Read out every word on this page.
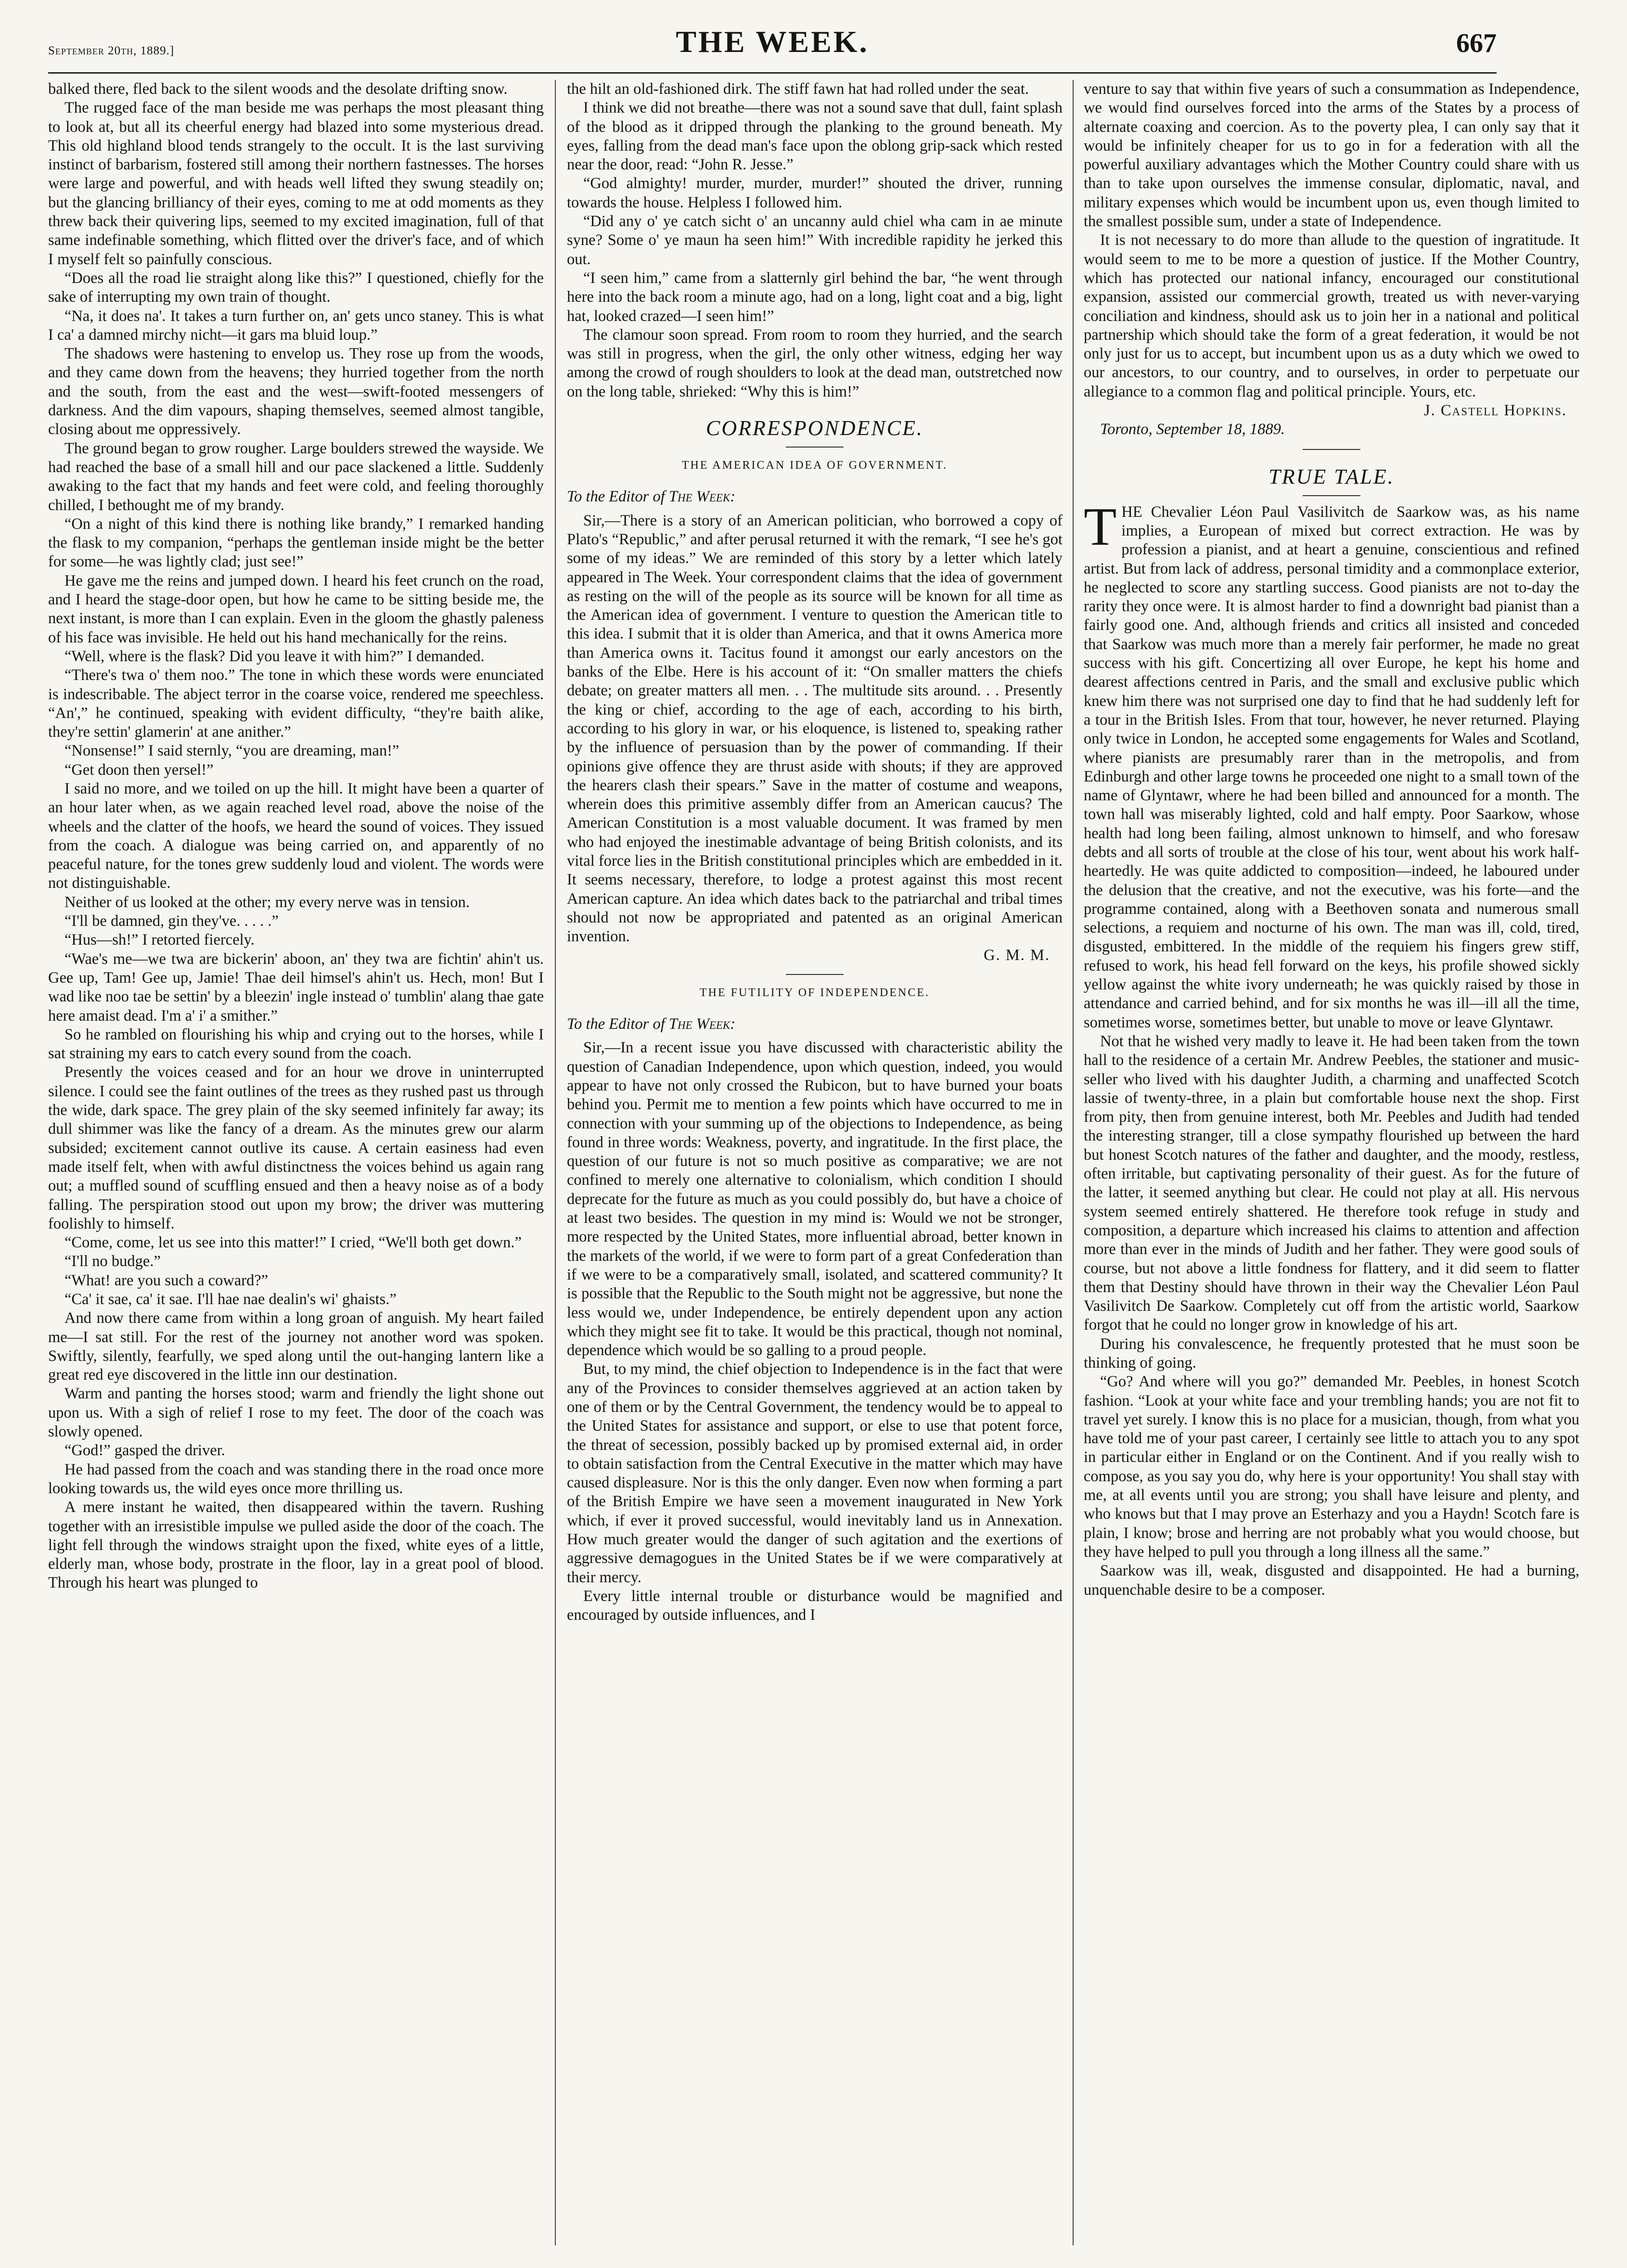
September 20th, 1889.]	THE WEEK.	667

balked there, fled back to the silent woods and the desolate drifting snow.

The rugged face of the man beside me was perhaps the most pleasant thing to look at, but all its cheerful energy had blazed into some mysterious dread. This old highland blood tends strangely to the occult. It is the last surviving instinct of barbarism, fostered still among their northern fastnesses. The horses were large and powerful, and with heads well lifted they swung steadily on; but the glancing brilliancy of their eyes, coming to me at odd moments as they threw back their quivering lips, seemed to my excited imagination, full of that same indefinable something, which flitted over the driver's face, and of which I myself felt so painfully conscious.

“Does all the road lie straight along like this?” I questioned, chiefly for the sake of interrupting my own train of thought.

“Na, it does na'. It takes a turn further on, an' gets unco staney. This is what I ca' a damned mirchy nicht—it gars ma bluid loup.”

The shadows were hastening to envelop us. They rose up from the woods, and they came down from the heavens; they hurried together from the north and the south, from the east and the west—swift-footed messengers of darkness. And the dim vapours, shaping themselves, seemed almost tangible, closing about me oppressively.

The ground began to grow rougher. Large boulders strewed the wayside. We had reached the base of a small hill and our pace slackened a little. Suddenly awaking to the fact that my hands and feet were cold, and feeling thoroughly chilled, I bethought me of my brandy.

“On a night of this kind there is nothing like brandy,” I remarked handing the flask to my companion, “perhaps the gentleman inside might be the better for some—he was lightly clad; just see!”

He gave me the reins and jumped down. I heard his feet crunch on the road, and I heard the stage-door open, but how he came to be sitting beside me, the next instant, is more than I can explain. Even in the gloom the ghastly paleness of his face was invisible. He held out his hand mechanically for the reins.

“Well, where is the flask? Did you leave it with him?” I demanded.

“There's twa o' them noo.” The tone in which these words were enunciated is indescribable. The abject terror in the coarse voice, rendered me speechless. “An',” he continued, speaking with evident difficulty, “they're baith alike, they're settin' glamerin' at ane anither.”

“Nonsense!” I said sternly, “you are dreaming, man!”

“Get doon then yersel!”

I said no more, and we toiled on up the hill. It might have been a quarter of an hour later when, as we again reached level road, above the noise of the wheels and the clatter of the hoofs, we heard the sound of voices. They issued from the coach. A dialogue was being carried on, and apparently of no peaceful nature, for the tones grew suddenly loud and violent. The words were not distinguishable.

Neither of us looked at the other; my every nerve was in tension.

“I'll be damned, gin they've. . . . .”

“Hus—sh!” I retorted fiercely.

“Wae's me—we twa are bickerin' aboon, an' they twa are fichtin' ahin't us. Gee up, Tam! Gee up, Jamie! Thae deil himsel's ahin't us. Hech, mon! But I wad like noo tae be settin' by a bleezin' ingle instead o' tumblin' alang thae gate here amaist dead. I'm a' i' a smither.”

So he rambled on flourishing his whip and crying out to the horses, while I sat straining my ears to catch every sound from the coach.

Presently the voices ceased and for an hour we drove in uninterrupted silence. I could see the faint outlines of the trees as they rushed past us through the wide, dark space. The grey plain of the sky seemed infinitely far away; its dull shimmer was like the fancy of a dream. As the minutes grew our alarm subsided; excitement cannot outlive its cause. A certain easiness had even made itself felt, when with awful distinctness the voices behind us again rang out; a muffled sound of scuffling ensued and then a heavy noise as of a body falling. The perspiration stood out upon my brow; the driver was muttering foolishly to himself.

“Come, come, let us see into this matter!” I cried, “We'll both get down.”

“I'll no budge.”

“What! are you such a coward?”

“Ca' it sae, ca' it sae. I'll hae nae dealin's wi' ghaists.”

And now there came from within a long groan of anguish. My heart failed me—I sat still. For the rest of the journey not another word was spoken. Swiftly, silently, fearfully, we sped along until the out-hanging lantern like a great red eye discovered in the little inn our destination.

Warm and panting the horses stood; warm and friendly the light shone out upon us. With a sigh of relief I rose to my feet. The door of the coach was slowly opened.

“God!” gasped the driver.

He had passed from the coach and was standing there in the road once more looking towards us, the wild eyes once more thrilling us.

A mere instant he waited, then disappeared within the tavern. Rushing together with an irresistible impulse we pulled aside the door of the coach. The light fell through the windows straight upon the fixed, white eyes of a little, elderly man, whose body, prostrate in the floor, lay in a great pool of blood. Through his heart was plunged to

the hilt an old-fashioned dirk. The stiff fawn hat had rolled under the seat.

I think we did not breathe—there was not a sound save that dull, faint splash of the blood as it dripped through the planking to the ground beneath. My eyes, falling from the dead man's face upon the oblong grip-sack which rested near the door, read: “John R. Jesse.”

“God almighty! murder, murder, murder!” shouted the driver, running towards the house. Helpless I followed him.

“Did any o' ye catch sicht o' an uncanny auld chiel wha cam in ae minute syne? Some o' ye maun ha seen him!” With incredible rapidity he jerked this out.

“I seen him,” came from a slatternly girl behind the bar, “he went through here into the back room a minute ago, had on a long, light coat and a big, light hat, looked crazed—I seen him!”

The clamour soon spread. From room to room they hurried, and the search was still in progress, when the girl, the only other witness, edging her way among the crowd of rough shoulders to look at the dead man, outstretched now on the long table, shrieked: “Why this is him!”

CORRESPONDENCE.
THE AMERICAN IDEA OF GOVERNMENT.

To the Editor of The Week:

Sir,—There is a story of an American politician, who borrowed a copy of Plato's “Republic,” and after perusal returned it with the remark, “I see he's got some of my ideas.” We are reminded of this story by a letter which lately appeared in The Week. Your correspondent claims that the idea of government as resting on the will of the people as its source will be known for all time as the American idea of government. I venture to question the American title to this idea. I submit that it is older than America, and that it owns America more than America owns it. Tacitus found it amongst our early ancestors on the banks of the Elbe. Here is his account of it: “On smaller matters the chiefs debate; on greater matters all men. . . The multitude sits around. . . Presently the king or chief, according to the age of each, according to his birth, according to his glory in war, or his eloquence, is listened to, speaking rather by the influence of persuasion than by the power of commanding. If their opinions give offence they are thrust aside with shouts; if they are approved the hearers clash their spears.” Save in the matter of costume and weapons, wherein does this primitive assembly differ from an American caucus? The American Constitution is a most valuable document. It was framed by men who had enjoyed the inestimable advantage of being British colonists, and its vital force lies in the British constitutional principles which are embedded in it. It seems necessary, therefore, to lodge a protest against this most recent American capture. An idea which dates back to the patriarchal and tribal times should not now be appropriated and patented as an original American invention.

G. M. M.

THE FUTILITY OF INDEPENDENCE.

To the Editor of The Week:

Sir,—In a recent issue you have discussed with characteristic ability the question of Canadian Independence, upon which question, indeed, you would appear to have not only crossed the Rubicon, but to have burned your boats behind you. Permit me to mention a few points which have occurred to me in connection with your summing up of the objections to Independence, as being found in three words: Weakness, poverty, and ingratitude. In the first place, the question of our future is not so much positive as comparative; we are not confined to merely one alternative to colonialism, which condition I should deprecate for the future as much as you could possibly do, but have a choice of at least two besides. The question in my mind is: Would we not be stronger, more respected by the United States, more influential abroad, better known in the markets of the world, if we were to form part of a great Confederation than if we were to be a comparatively small, isolated, and scattered community? It is possible that the Republic to the South might not be aggressive, but none the less would we, under Independence, be entirely dependent upon any action which they might see fit to take. It would be this practical, though not nominal, dependence which would be so galling to a proud people.

But, to my mind, the chief objection to Independence is in the fact that were any of the Provinces to consider themselves aggrieved at an action taken by one of them or by the Central Government, the tendency would be to appeal to the United States for assistance and support, or else to use that potent force, the threat of secession, possibly backed up by promised external aid, in order to obtain satisfaction from the Central Executive in the matter which may have caused displeasure. Nor is this the only danger. Even now when forming a part of the British Empire we have seen a movement inaugurated in New York which, if ever it proved successful, would inevitably land us in Annexation. How much greater would the danger of such agitation and the exertions of aggressive demagogues in the United States be if we were comparatively at their mercy.

Every little internal trouble or disturbance would be magnified and encouraged by outside influences, and I

venture to say that within five years of such a consummation as Independence, we would find ourselves forced into the arms of the States by a process of alternate coaxing and coercion. As to the poverty plea, I can only say that it would be infinitely cheaper for us to go in for a federation with all the powerful auxiliary advantages which the Mother Country could share with us than to take upon ourselves the immense consular, diplomatic, naval, and military expenses which would be incumbent upon us, even though limited to the smallest possible sum, under a state of Independence.

It is not necessary to do more than allude to the question of ingratitude. It would seem to me to be more a question of justice. If the Mother Country, which has protected our national infancy, encouraged our constitutional expansion, assisted our commercial growth, treated us with never-varying conciliation and kindness, should ask us to join her in a national and political partnership which should take the form of a great federation, it would be not only just for us to accept, but incumbent upon us as a duty which we owed to our ancestors, to our country, and to ourselves, in order to perpetuate our allegiance to a common flag and political principle. Yours, etc.

J. Castell Hopkins.

Toronto, September 18, 1889.

TRUE TALE.

THE Chevalier Léon Paul Vasilivitch de Saarkow was, as his name implies, a European of mixed but correct extraction. He was by profession a pianist, and at heart a genuine, conscientious and refined artist. But from lack of address, personal timidity and a commonplace exterior, he neglected to score any startling success. Good pianists are not to-day the rarity they once were. It is almost harder to find a downright bad pianist than a fairly good one. And, although friends and critics all insisted and conceded that Saarkow was much more than a merely fair performer, he made no great success with his gift. Concertizing all over Europe, he kept his home and dearest affections centred in Paris, and the small and exclusive public which knew him there was not surprised one day to find that he had suddenly left for a tour in the British Isles. From that tour, however, he never returned. Playing only twice in London, he accepted some engagements for Wales and Scotland, where pianists are presumably rarer than in the metropolis, and from Edinburgh and other large towns he proceeded one night to a small town of the name of Glyntawr, where he had been billed and announced for a month. The town hall was miserably lighted, cold and half empty. Poor Saarkow, whose health had long been failing, almost unknown to himself, and who foresaw debts and all sorts of trouble at the close of his tour, went about his work half-heartedly. He was quite addicted to composition—indeed, he laboured under the delusion that the creative, and not the executive, was his forte—and the programme contained, along with a Beethoven sonata and numerous small selections, a requiem and nocturne of his own. The man was ill, cold, tired, disgusted, embittered. In the middle of the requiem his fingers grew stiff, refused to work, his head fell forward on the keys, his profile showed sickly yellow against the white ivory underneath; he was quickly raised by those in attendance and carried behind, and for six months he was ill—ill all the time, sometimes worse, sometimes better, but unable to move or leave Glyntawr.

Not that he wished very madly to leave it. He had been taken from the town hall to the residence of a certain Mr. Andrew Peebles, the stationer and music-seller who lived with his daughter Judith, a charming and unaffected Scotch lassie of twenty-three, in a plain but comfortable house next the shop. First from pity, then from genuine interest, both Mr. Peebles and Judith had tended the interesting stranger, till a close sympathy flourished up between the hard but honest Scotch natures of the father and daughter, and the moody, restless, often irritable, but captivating personality of their guest. As for the future of the latter, it seemed anything but clear. He could not play at all. His nervous system seemed entirely shattered. He therefore took refuge in study and composition, a departure which increased his claims to attention and affection more than ever in the minds of Judith and her father. They were good souls of course, but not above a little fondness for flattery, and it did seem to flatter them that Destiny should have thrown in their way the Chevalier Léon Paul Vasilivitch De Saarkow. Completely cut off from the artistic world, Saarkow forgot that he could no longer grow in knowledge of his art.

During his convalescence, he frequently protested that he must soon be thinking of going.

“Go? And where will you go?” demanded Mr. Peebles, in honest Scotch fashion. “Look at your white face and your trembling hands; you are not fit to travel yet surely. I know this is no place for a musician, though, from what you have told me of your past career, I certainly see little to attach you to any spot in particular either in England or on the Continent. And if you really wish to compose, as you say you do, why here is your opportunity! You shall stay with me, at all events until you are strong; you shall have leisure and plenty, and who knows but that I may prove an Esterhazy and you a Haydn! Scotch fare is plain, I know; brose and herring are not probably what you would choose, but they have helped to pull you through a long illness all the same.”

Saarkow was ill, weak, disgusted and disappointed. He had a burning, unquenchable desire to be a composer.
